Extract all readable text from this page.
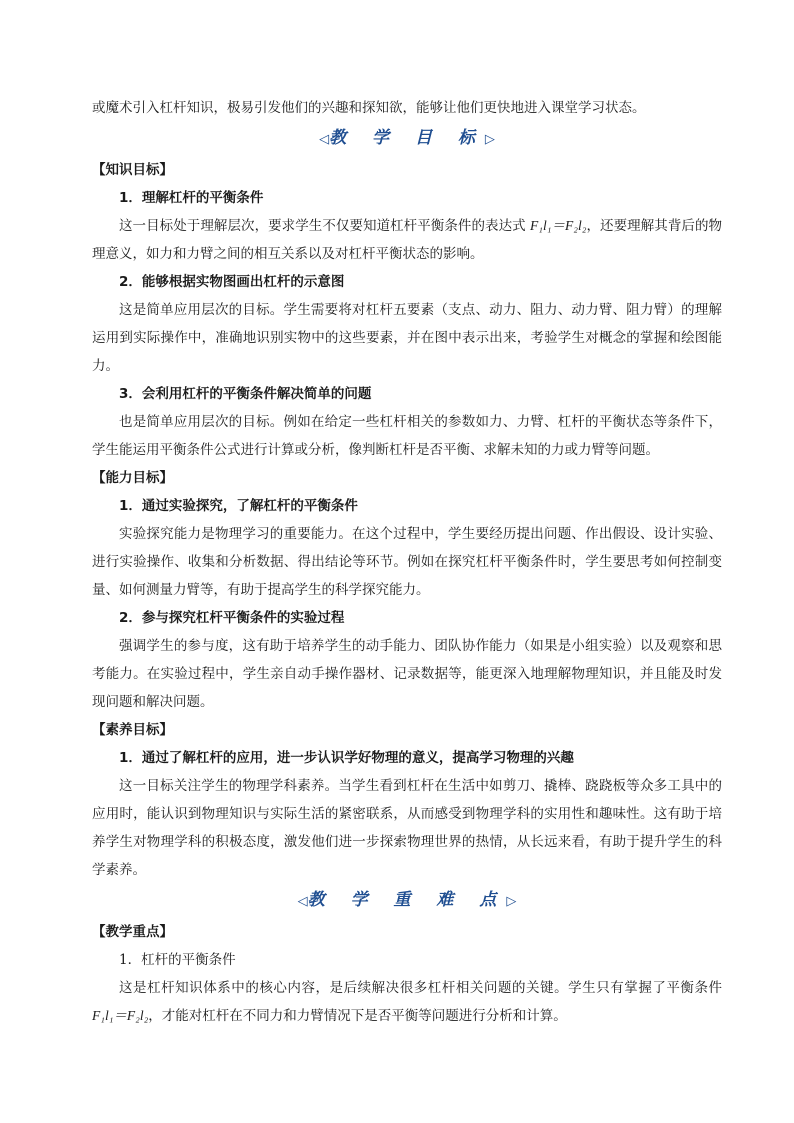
或魔术引入杠杆知识，极易引发他们的兴趣和探知欲，能够让他们更快地进入课堂学习状态。

◁教 学 目 标▷
【知识目标】
1．理解杠杆的平衡条件

这一目标处于理解层次，要求学生不仅要知道杠杆平衡条件的表达式 F₁l₁＝F₂l₂，还要理解其背后的物理意义，如力和力臂之间的相互关系以及对杠杆平衡状态的影响。

2．能够根据实物图画出杠杆的示意图

这是简单应用层次的目标。学生需要将对杠杆五要素（支点、动力、阻力、动力臂、阻力臂）的理解运用到实际操作中，准确地识别实物中的这些要素，并在图中表示出来，考验学生对概念的掌握和绘图能力。

3．会利用杠杆的平衡条件解决简单的问题

也是简单应用层次的目标。例如在给定一些杠杆相关的参数如力、力臂、杠杆的平衡状态等条件下，学生能运用平衡条件公式进行计算或分析，像判断杠杆是否平衡、求解未知的力或力臂等问题。

【能力目标】
1．通过实验探究，了解杠杆的平衡条件

实验探究能力是物理学习的重要能力。在这个过程中，学生要经历提出问题、作出假设、设计实验、进行实验操作、收集和分析数据、得出结论等环节。例如在探究杠杆平衡条件时，学生要思考如何控制变量、如何测量力臂等，有助于提高学生的科学探究能力。

2．参与探究杠杆平衡条件的实验过程

强调学生的参与度，这有助于培养学生的动手能力、团队协作能力（如果是小组实验）以及观察和思考能力。在实验过程中，学生亲自动手操作器材、记录数据等，能更深入地理解物理知识，并且能及时发现问题和解决问题。

【素养目标】
1．通过了解杠杆的应用，进一步认识学好物理的意义，提高学习物理的兴趣

这一目标关注学生的物理学科素养。当学生看到杠杆在生活中如剪刀、撬棒、跷跷板等众多工具中的应用时，能认识到物理知识与实际生活的紧密联系，从而感受到物理学科的实用性和趣味性。这有助于培养学生对物理学科的积极态度，激发他们进一步探索物理世界的热情，从长远来看，有助于提升学生的科学素养。

◁教 学 重 难 点▷
【教学重点】
1．杠杆的平衡条件

这是杠杆知识体系中的核心内容，是后续解决很多杠杆相关问题的关键。学生只有掌握了平衡条件 F₁l₁＝F₂l₂，才能对杠杆在不同力和力臂情况下是否平衡等问题进行分析和计算。
